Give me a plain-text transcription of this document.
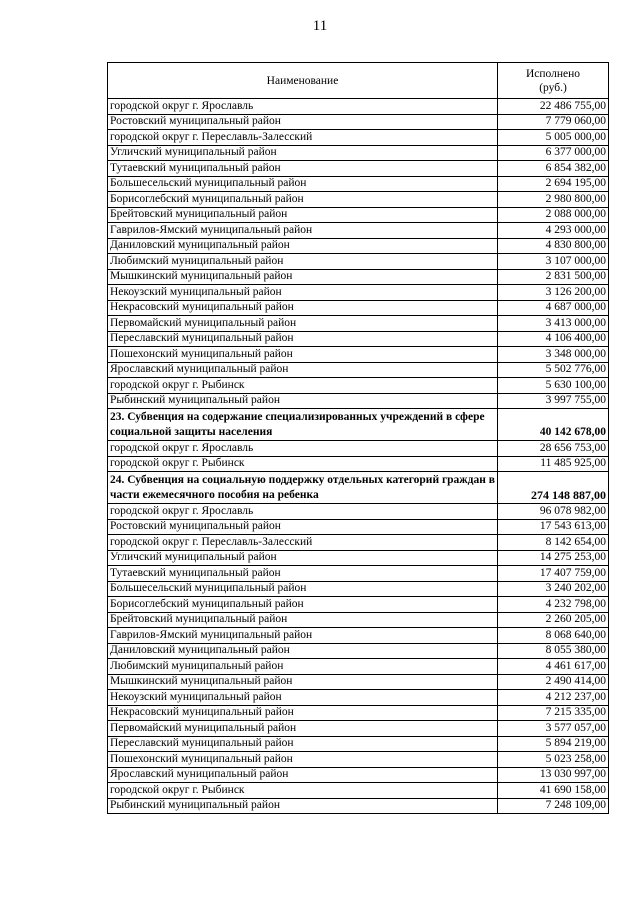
11
Наименование	Исполнено
(руб.)

городской округ г. Ярославль	22 486 755,00
Ростовский муниципальный район	7 779 060,00
городской округ г. Переславль-Залесский	5 005 000,00
Угличский муниципальный район	6 377 000,00
Тутаевский муниципальный район	6 854 382,00
Большесельский муниципальный район	2 694 195,00
Борисоглебский муниципальный район	2 980 800,00
Брейтовский муниципальный район	2 088 000,00
Гаврилов-Ямский муниципальный район	4 293 000,00
Даниловский муниципальный район	4 830 800,00
Любимский муниципальный район	3 107 000,00
Мышкинский муниципальный район	2 831 500,00
Некоузский муниципальный район	3 126 200,00
Некрасовский муниципальный район	4 687 000,00
Первомайский муниципальный район	3 413 000,00
Переславский муниципальный район	4 106 400,00
Пошехонский муниципальный район	3 348 000,00
Ярославский муниципальный район	5 502 776,00
городской округ г. Рыбинск	5 630 100,00
Рыбинский муниципальный район	3 997 755,00
23. Субвенция на содержание специализированных учреждений в сфере социальной защиты населения	40 142 678,00
городской округ г. Ярославль	28 656 753,00
городской округ г. Рыбинск	11 485 925,00
24. Субвенция на социальную поддержку отдельных категорий граждан в части ежемесячного пособия на ребенка	274 148 887,00
городской округ г. Ярославль	96 078 982,00
Ростовский муниципальный район	17 543 613,00
городской округ г. Переславль-Залесский	8 142 654,00
Угличский муниципальный район	14 275 253,00
Тутаевский муниципальный район	17 407 759,00
Большесельский муниципальный район	3 240 202,00
Борисоглебский муниципальный район	4 232 798,00
Брейтовский муниципальный район	2 260 205,00
Гаврилов-Ямский муниципальный район	8 068 640,00
Даниловский муниципальный район	8 055 380,00
Любимский муниципальный район	4 461 617,00
Мышкинский муниципальный район	2 490 414,00
Некоузский муниципальный район	4 212 237,00
Некрасовский муниципальный район	7 215 335,00
Первомайский муниципальный район	3 577 057,00
Переславский муниципальный район	5 894 219,00
Пошехонский муниципальный район	5 023 258,00
Ярославский муниципальный район	13 030 997,00
городской округ г. Рыбинск	41 690 158,00
Рыбинский муниципальный район	7 248 109,00
